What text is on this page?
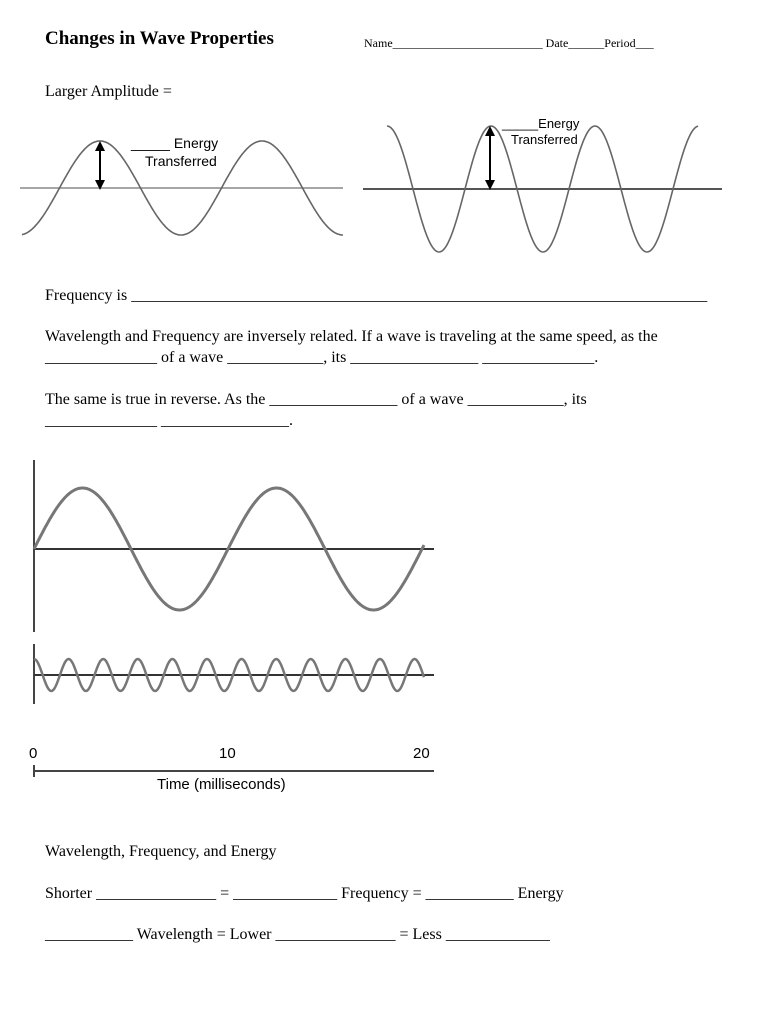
Changes in Wave Properties	Name_________________________ Date______Period___
Larger Amplitude =
_____ Energy
Transferred
_____Energy
Transferred
Frequency is ________________________________________________________________________
Wavelength and Frequency are inversely related. If a wave is traveling at the same speed, as the
______________ of a wave ____________, its ________________ ______________.
The same is true in reverse. As the ________________ of a wave ____________, its
______________ ________________.
0	10	20
Time (milliseconds)
Wavelength, Frequency, and Energy
Shorter _______________ = _____________ Frequency = ___________ Energy
___________ Wavelength = Lower _______________ = Less _____________
